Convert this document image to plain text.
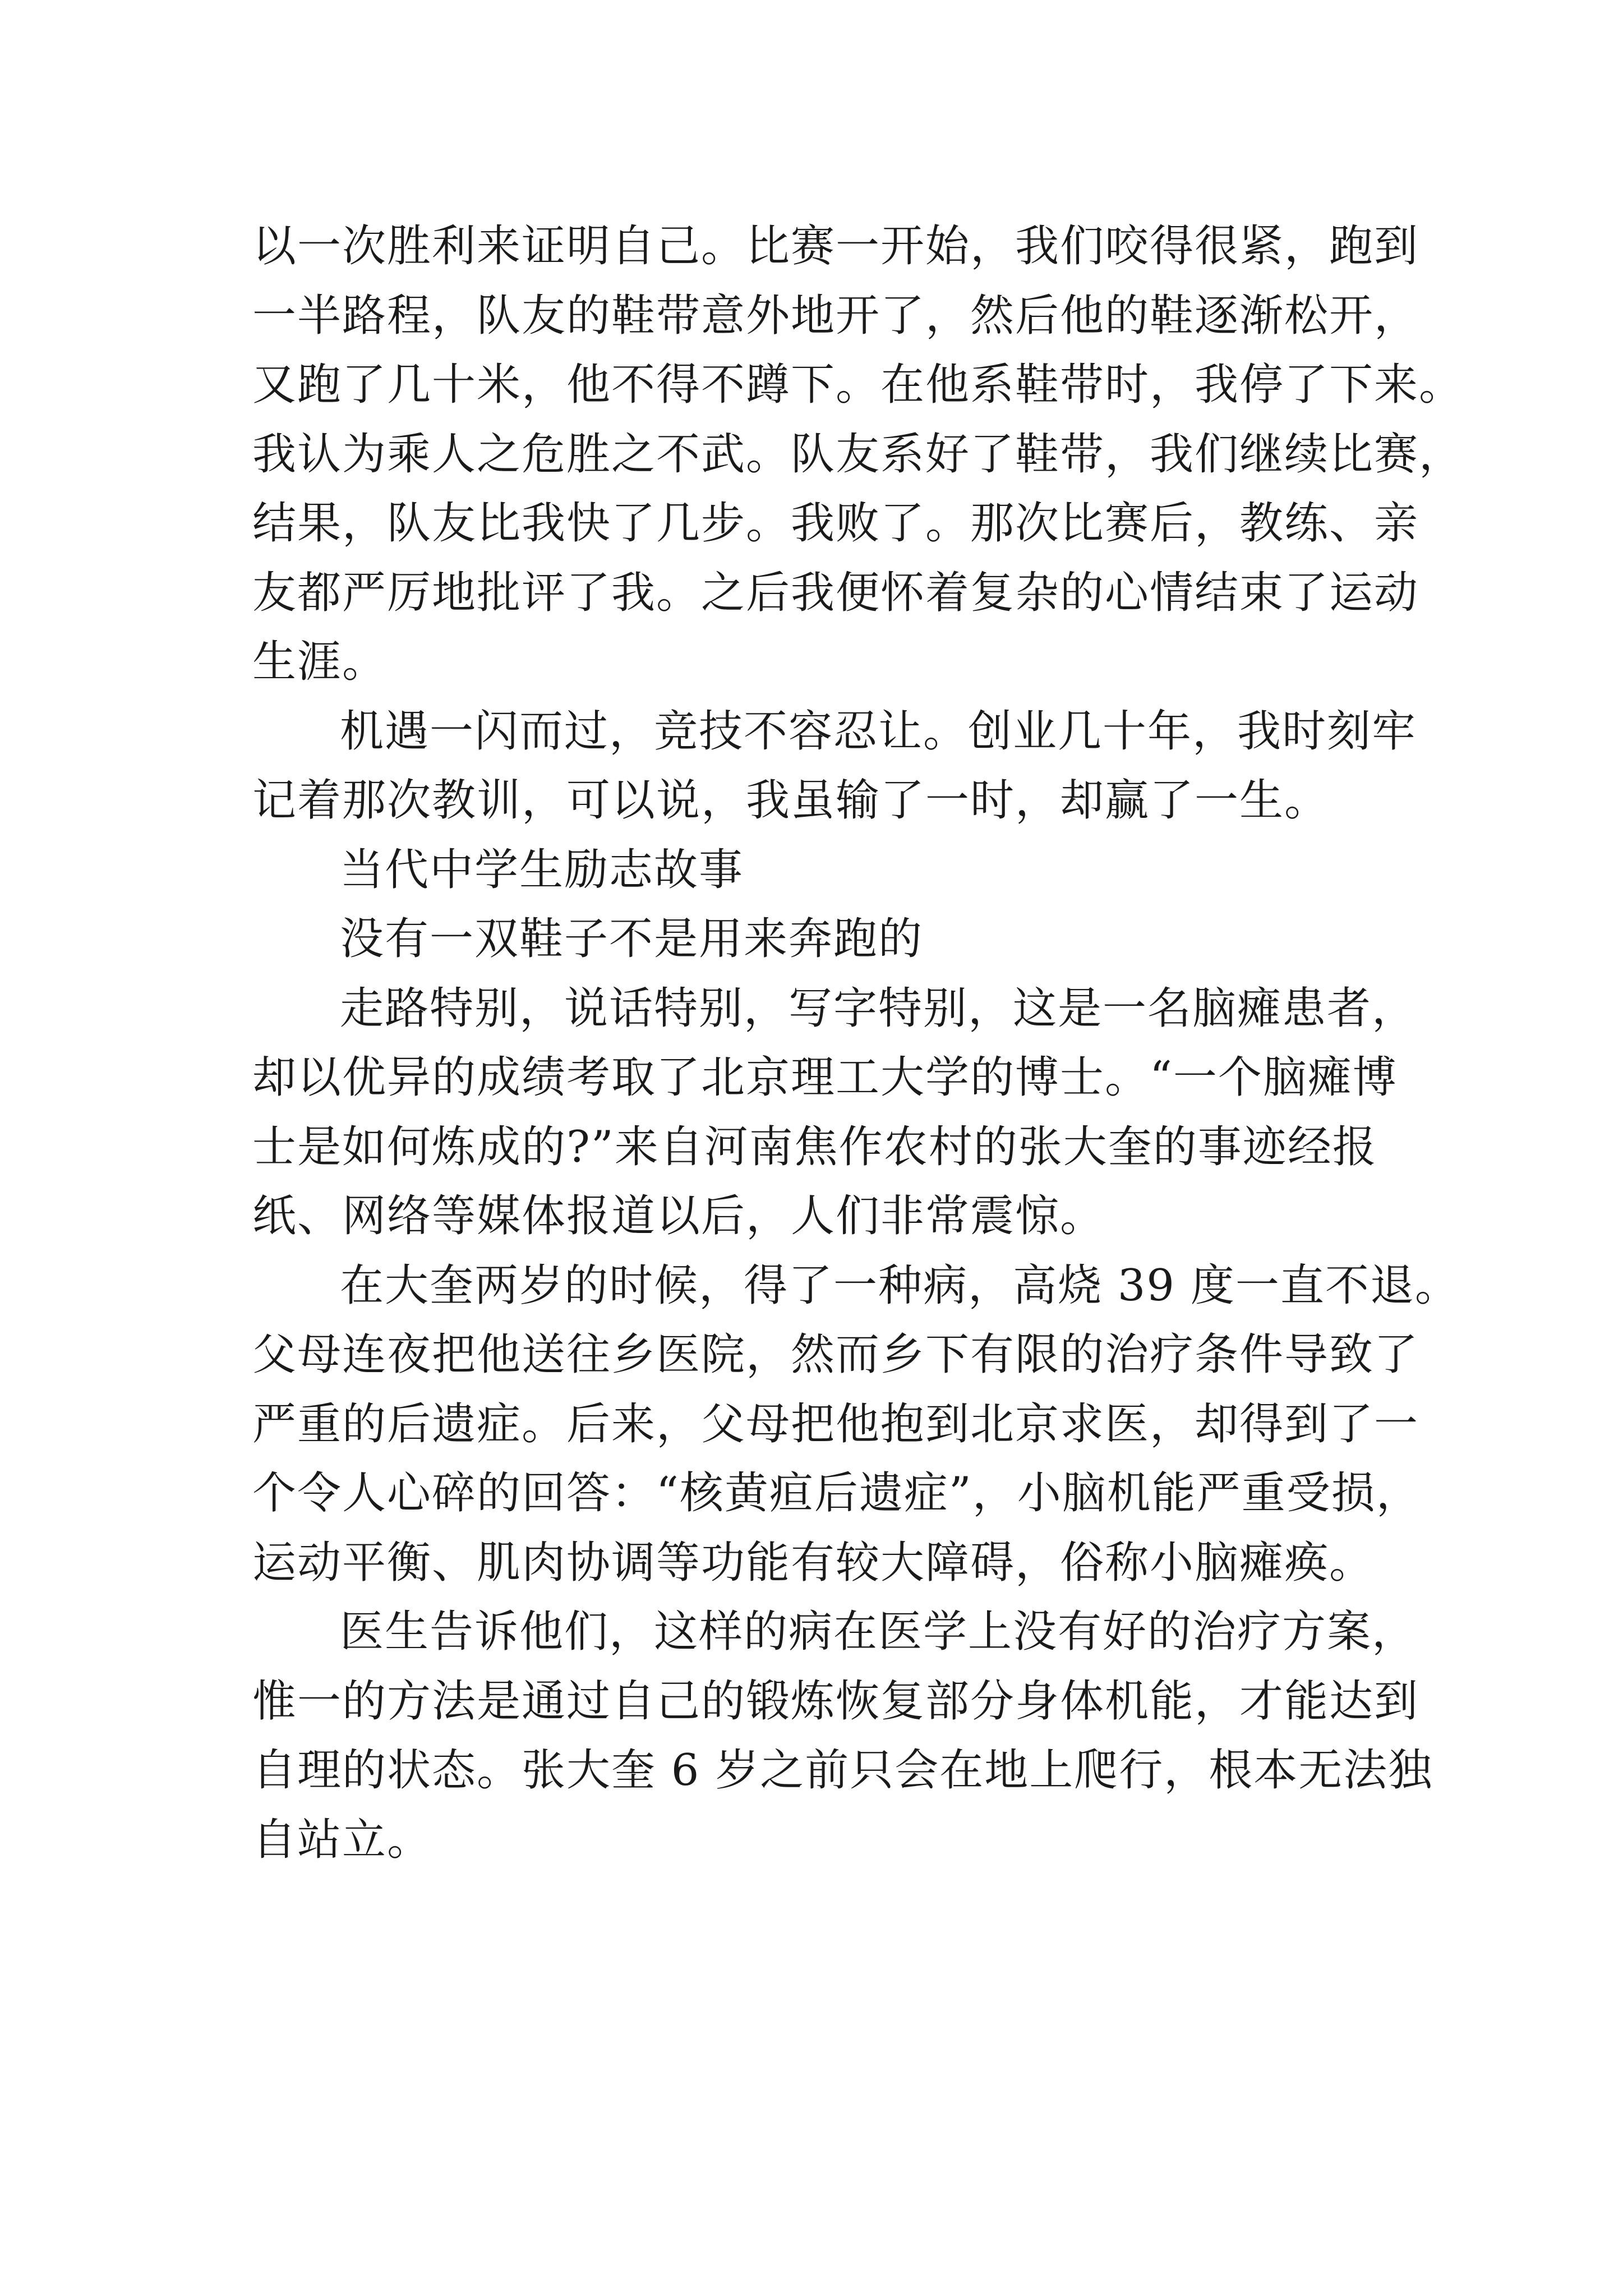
以一次胜利来证明自己。比赛一开始，我们咬得很紧，跑到
一半路程，队友的鞋带意外地开了，然后他的鞋逐渐松开，
又跑了几十米，他不得不蹲下。在他系鞋带时，我停了下来。
我认为乘人之危胜之不武。队友系好了鞋带，我们继续比赛，
结果，队友比我快了几步。我败了。那次比赛后，教练、亲
友都严厉地批评了我。之后我便怀着复杂的心情结束了运动
生涯。
机遇一闪而过，竞技不容忍让。创业几十年，我时刻牢
记着那次教训，可以说，我虽输了一时，却赢了一生。
当代中学生励志故事
没有一双鞋子不是用来奔跑的
走路特别，说话特别，写字特别，这是一名脑瘫患者，
却以优异的成绩考取了北京理工大学的博士。“一个脑瘫博
士是如何炼成的?”来自河南焦作农村的张大奎的事迹经报
纸、网络等媒体报道以后，人们非常震惊。
在大奎两岁的时候，得了一种病，高烧 39 度一直不退。
父母连夜把他送往乡医院，然而乡下有限的治疗条件导致了
严重的后遗症。后来，父母把他抱到北京求医，却得到了一
个令人心碎的回答：“核黄疸后遗症”，小脑机能严重受损，
运动平衡、肌肉协调等功能有较大障碍，俗称小脑瘫痪。
医生告诉他们，这样的病在医学上没有好的治疗方案，
惟一的方法是通过自己的锻炼恢复部分身体机能，才能达到
自理的状态。张大奎 6 岁之前只会在地上爬行，根本无法独
自站立。
